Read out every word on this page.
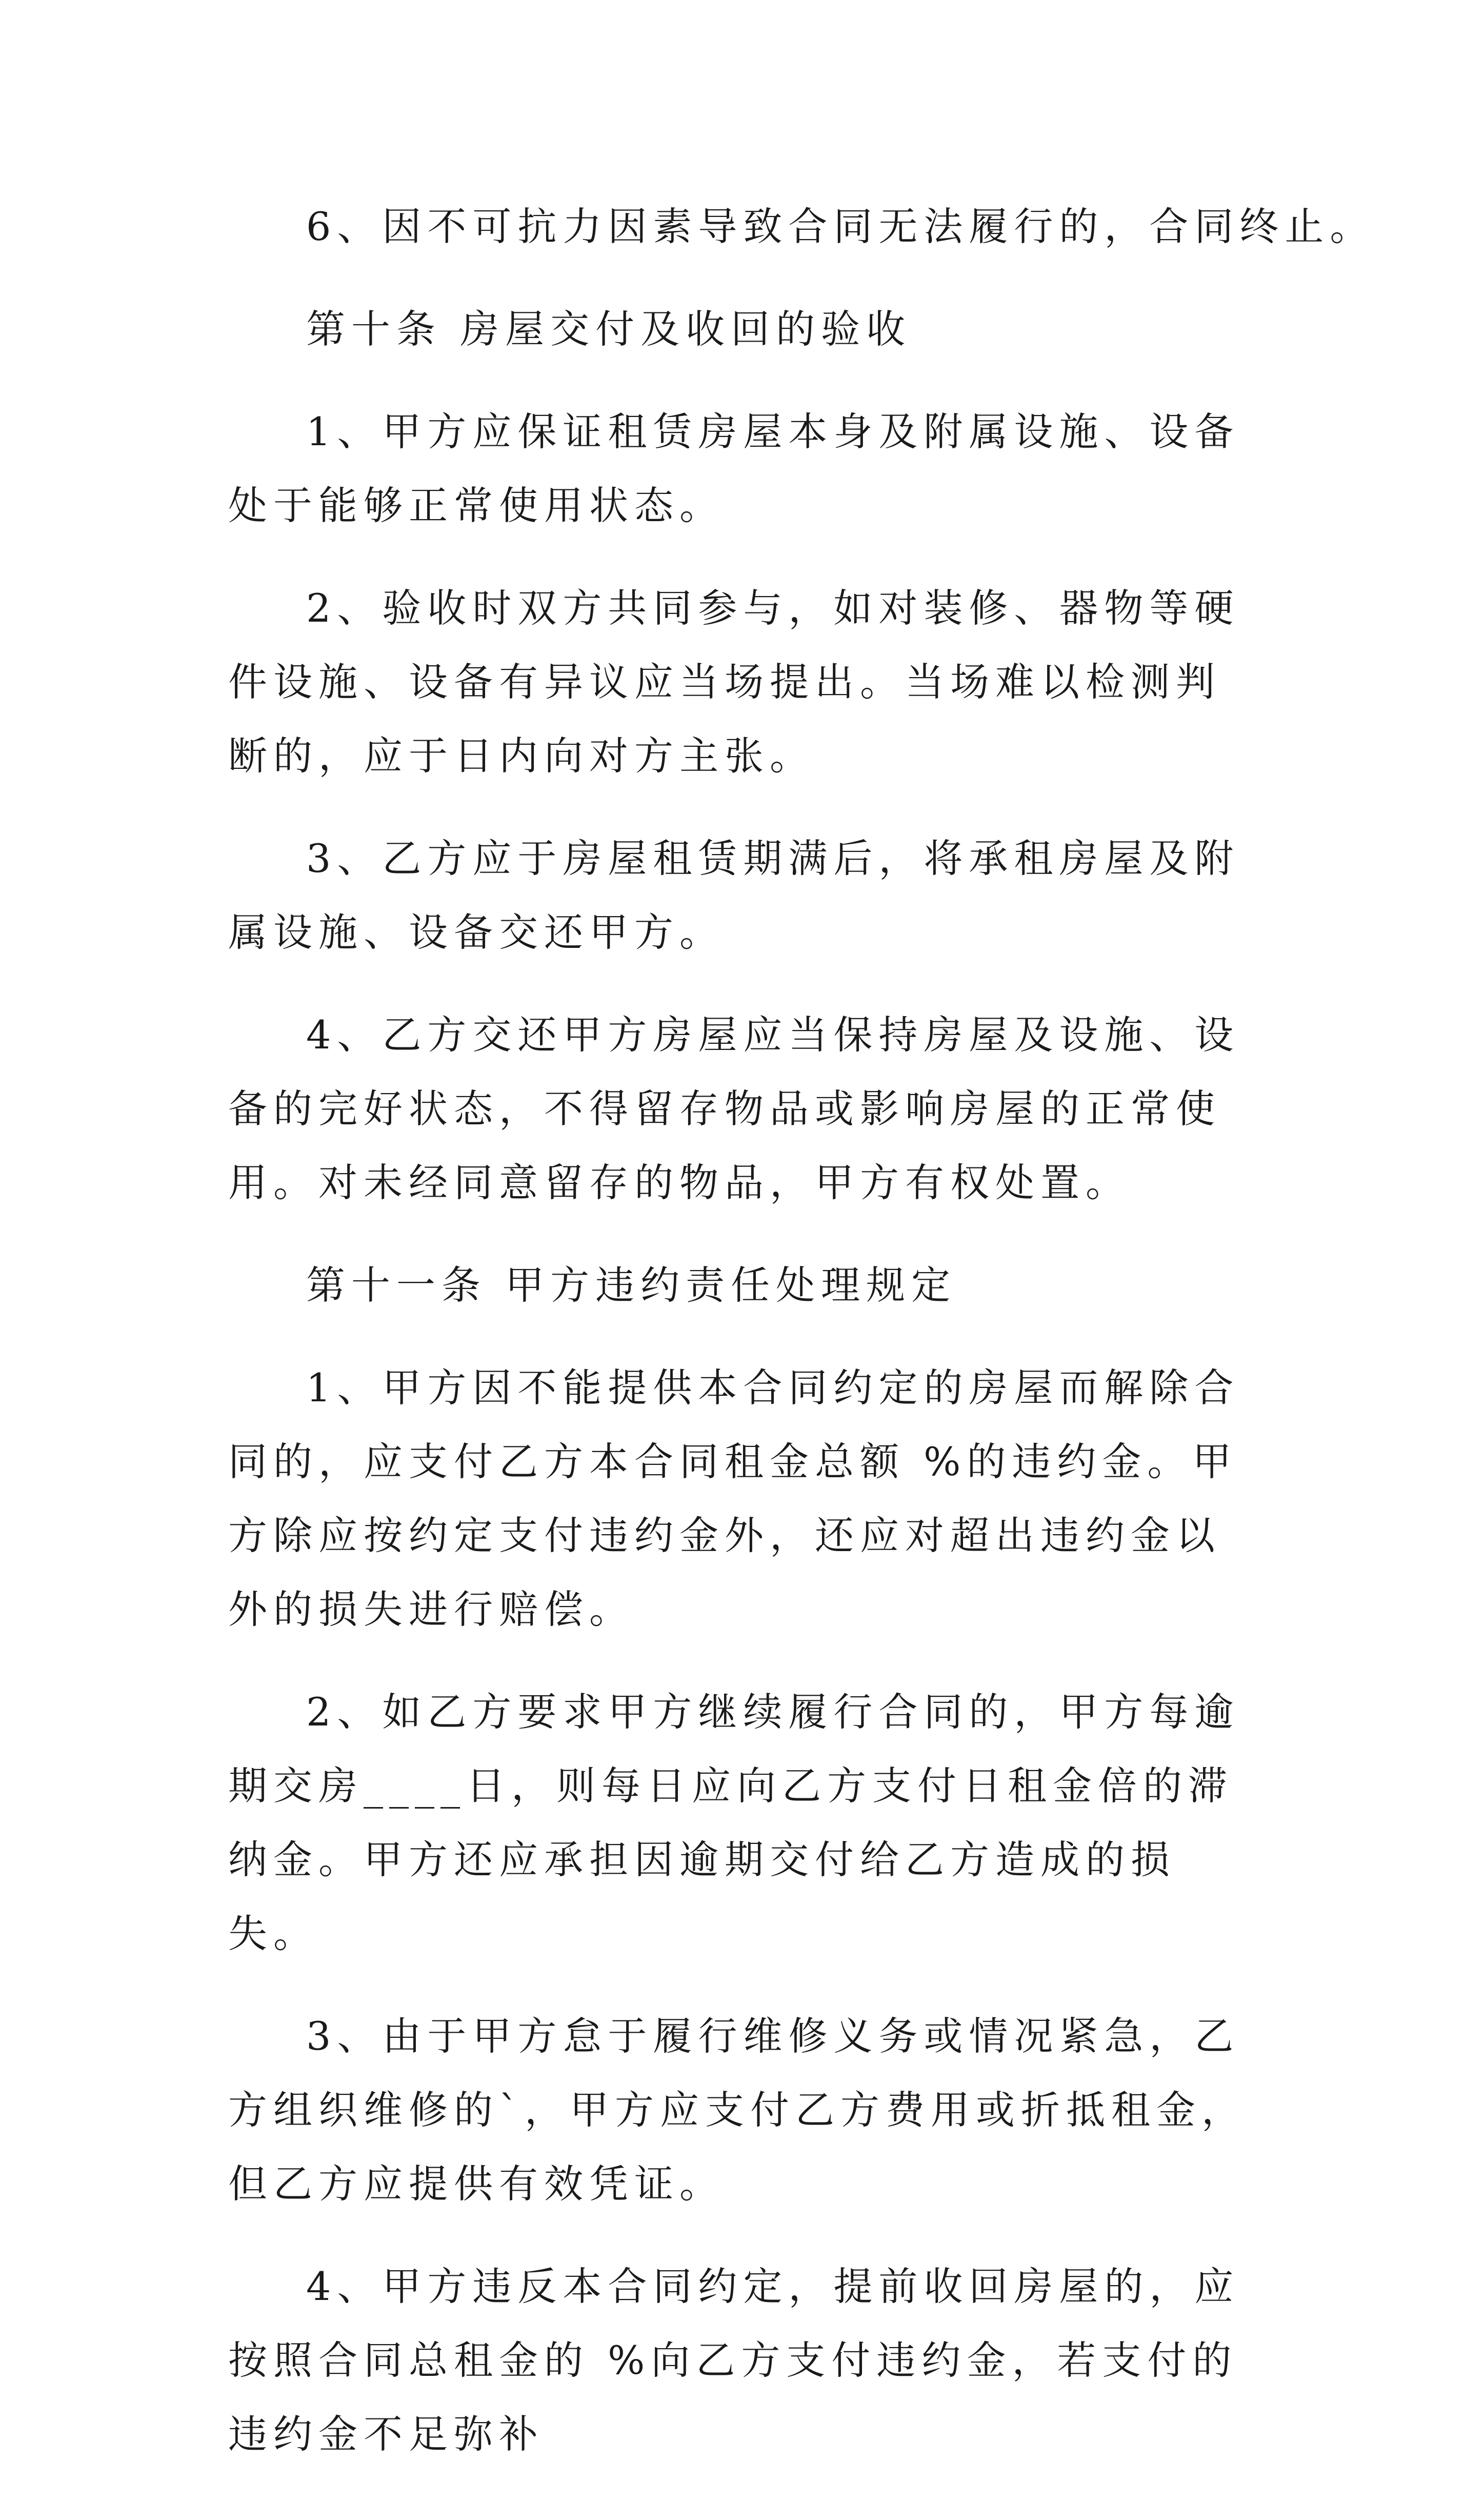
6、因不可抗力因素导致合同无法履行的，合同终止。

第十条 房屋交付及收回的验收

1、甲方应保证租赁房屋本身及附属设施、设备处于能够正常使用状态。

2、验收时双方共同参与，如对装修、器物等硬件设施、设备有异议应当场提出。当场难以检测判断的，应于日内向对方主张。

3、乙方应于房屋租赁期满后，将承租房屋及附属设施、设备交还甲方。

4、乙方交还甲方房屋应当保持房屋及设施、设备的完好状态，不得留存物品或影响房屋的正常使用。对未经同意留存的物品，甲方有权处置。

第十一条 甲方违约责任处理规定

1、甲方因不能提供本合同约定的房屋而解除合同的，应支付乙方本合同租金总额 %的违约金。甲方除应按约定支付违约金外，还应对超出违约金以外的损失进行赔偿。

2、如乙方要求甲方继续履行合同的，甲方每逾期交房____日，则每日应向乙方支付日租金倍的滞纳金。甲方还应承担因逾期交付给乙方造成的损失。

3、由于甲方怠于履行维修义务或情况紧急，乙方组织维修的`，甲方应支付乙方费用或折抵租金，但乙方应提供有效凭证。

4、甲方违反本合同约定，提前收回房屋的，应按照合同总租金的 %向乙方支付违约金，若支付的违约金不足弥补
